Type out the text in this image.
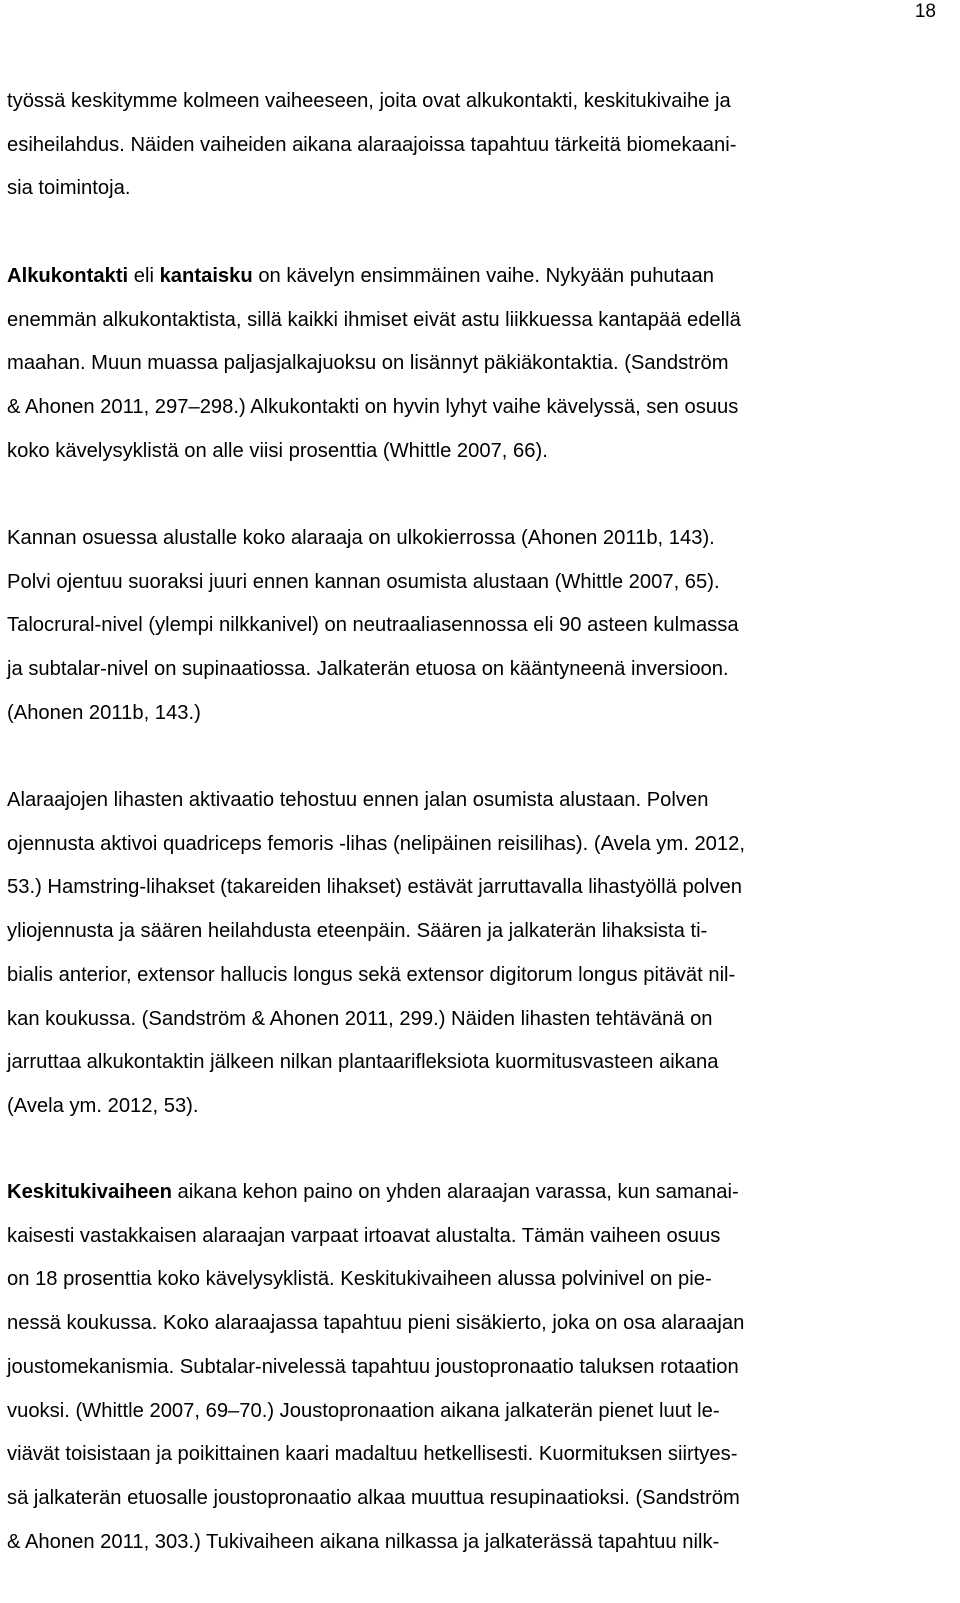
18
työssä keskitymme kolmeen vaiheeseen, joita ovat alkukontakti, keskitukivaihe ja
esiheilahdus. Näiden vaiheiden aikana alaraajoissa tapahtuu tärkeitä biomekaani-
sia toimintoja.
Alkukontakti eli kantaisku on kävelyn ensimmäinen vaihe. Nykyään puhutaan
enemmän alkukontaktista, sillä kaikki ihmiset eivät astu liikkuessa kantapää edellä
maahan. Muun muassa paljasjalkajuoksu on lisännyt päkiäkontaktia. (Sandström
& Ahonen 2011, 297–298.) Alkukontakti on hyvin lyhyt vaihe kävelyssä, sen osuus
koko kävelysyklistä on alle viisi prosenttia (Whittle 2007, 66).
Kannan osuessa alustalle koko alaraaja on ulkokierrossa (Ahonen 2011b, 143).
Polvi ojentuu suoraksi juuri ennen kannan osumista alustaan (Whittle 2007, 65).
Talocrural-nivel (ylempi nilkkanivel) on neutraaliasennossa eli 90 asteen kulmassa
ja subtalar-nivel on supinaatiossa. Jalkaterän etuosa on kääntyneenä inversioon.
(Ahonen 2011b, 143.)
Alaraajojen lihasten aktivaatio tehostuu ennen jalan osumista alustaan. Polven
ojennusta aktivoi quadriceps femoris -lihas (nelipäinen reisilihas). (Avela ym. 2012,
53.) Hamstring-lihakset (takareiden lihakset) estävät jarruttavalla lihastyöllä polven
yliojennusta ja säären heilahdusta eteenpäin. Säären ja jalkaterän lihaksista ti-
bialis anterior, extensor hallucis longus sekä extensor digitorum longus pitävät nil-
kan koukussa. (Sandström & Ahonen 2011, 299.) Näiden lihasten tehtävänä on
jarruttaa alkukontaktin jälkeen nilkan plantaarifleksiota kuormitusvasteen aikana
(Avela ym. 2012, 53).
Keskitukivaiheen aikana kehon paino on yhden alaraajan varassa, kun samanai-
kaisesti vastakkaisen alaraajan varpaat irtoavat alustalta. Tämän vaiheen osuus
on 18 prosenttia koko kävelysyklistä. Keskitukivaiheen alussa polvinivel on pie-
nessä koukussa. Koko alaraajassa tapahtuu pieni sisäkierto, joka on osa alaraajan
joustomekanismia. Subtalar-nivelessä tapahtuu joustopronaatio taluksen rotaation
vuoksi. (Whittle 2007, 69–70.) Joustopronaation aikana jalkaterän pienet luut le-
viävät toisistaan ja poikittainen kaari madaltuu hetkellisesti. Kuormituksen siirtyes-
sä jalkaterän etuosalle joustopronaatio alkaa muuttua resupinaatioksi. (Sandström
& Ahonen 2011, 303.) Tukivaiheen aikana nilkassa ja jalkaterässä tapahtuu nilk-
